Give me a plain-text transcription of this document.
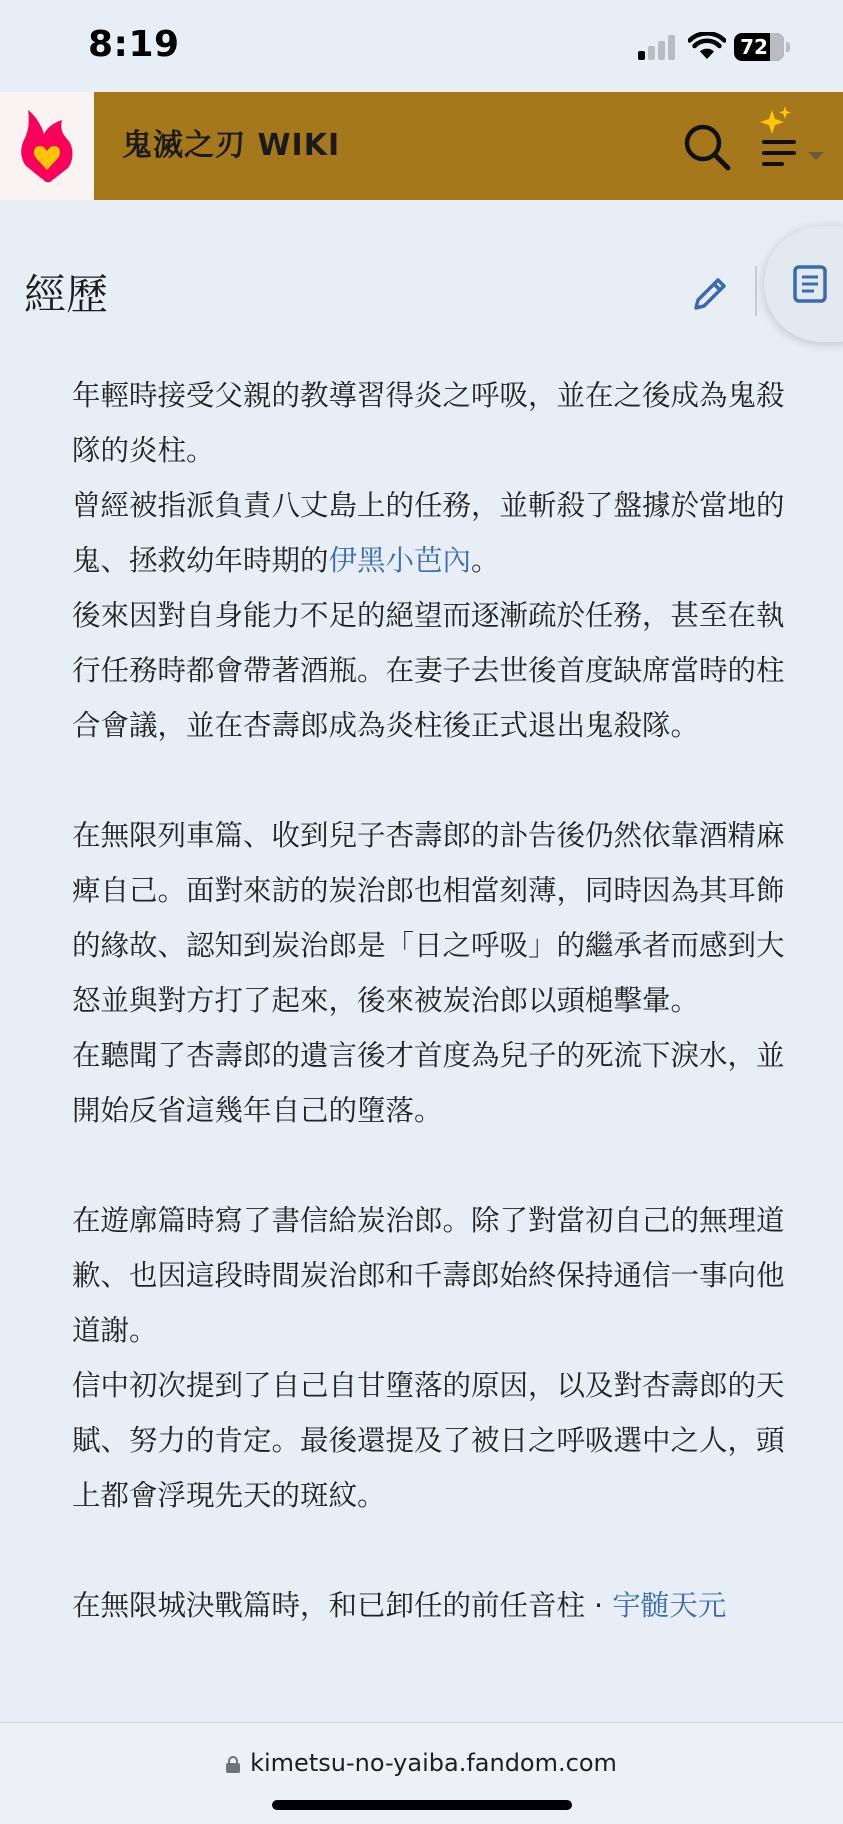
8:19	72
鬼滅之刃 WIKI
經歷

年輕時接受父親的教導習得炎之呼吸，並在之後成為鬼殺隊的炎柱。

曾經被指派負責八丈島上的任務，並斬殺了盤據於當地的鬼、拯救幼年時期的伊黑小芭內。

後來因對自身能力不足的絕望而逐漸疏於任務，甚至在執行任務時都會帶著酒瓶。在妻子去世後首度缺席當時的柱合會議，並在杏壽郎成為炎柱後正式退出鬼殺隊。

在無限列車篇、收到兒子杏壽郎的訃告後仍然依靠酒精麻痺自己。面對來訪的炭治郎也相當刻薄，同時因為其耳飾的緣故、認知到炭治郎是「日之呼吸」的繼承者而感到大怒並與對方打了起來，後來被炭治郎以頭槌擊暈。

在聽聞了杏壽郎的遺言後才首度為兒子的死流下淚水，並開始反省這幾年自己的墮落。

在遊廓篇時寫了書信給炭治郎。除了對當初自己的無理道歉、也因這段時間炭治郎和千壽郎始終保持通信一事向他道謝。

信中初次提到了自己自甘墮落的原因，以及對杏壽郎的天賦、努力的肯定。最後還提及了被日之呼吸選中之人，頭上都會浮現先天的斑紋。

在無限城決戰篇時，和已卸任的前任音柱 · 宇髄天元

kimetsu-no-yaiba.fandom.com
